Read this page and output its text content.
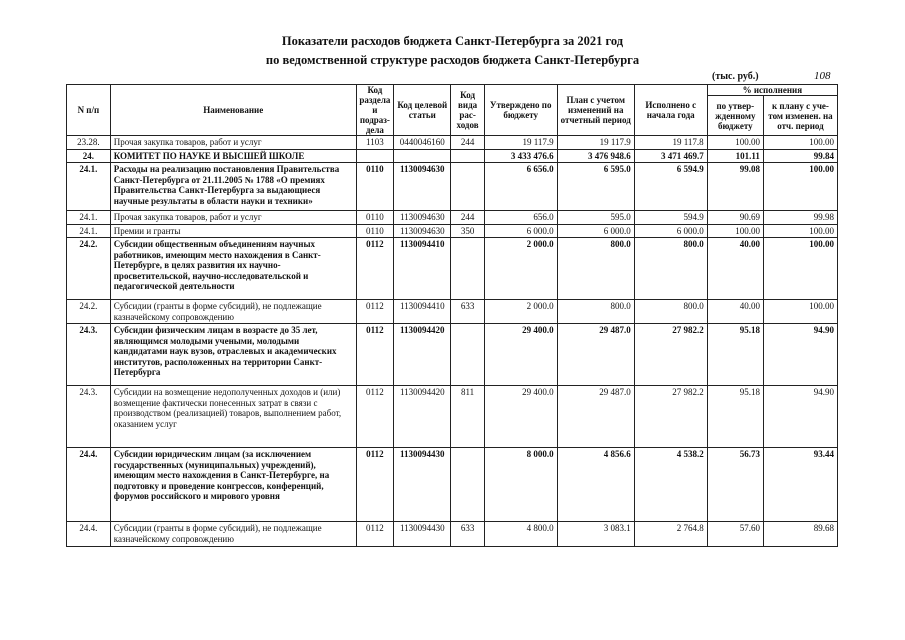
Показатели расходов бюджета Санкт-Петербурга за 2021 год
по ведомственной структуре расходов бюджета Санкт-Петербурга
(тыс. руб.)	108
N п/п	Наименование	Код раздела и подраз-дела	Код целевой статьи	Код вида рас-ходов	Утверждено по бюджету	План с учетом изменений на отчетный период	Исполнено с начала года	% исполнения	
								по утвер-жденному бюджету	к плану с уче-том изменен. на отч. период
23.28.	Прочая закупка товаров, работ и услуг	1103	0440046160	244	19 117.9	19 117.9	19 117.8	100.00	100.00
24.	КОМИТЕТ ПО НАУКЕ И ВЫСШЕЙ ШКОЛЕ				3 433 476.6	3 476 948.6	3 471 469.7	101.11	99.84
24.1.	Расходы на реализацию постановления Правительства Санкт-Петербурга от 21.11.2005 № 1788 «О премиях Правительства Санкт-Петербурга за выдающиеся научные результаты в области науки и техники»	0110	1130094630		6 656.0	6 595.0	6 594.9	99.08	100.00
24.1.	Прочая закупка товаров, работ и услуг	0110	1130094630	244	656.0	595.0	594.9	90.69	99.98
24.1.	Премии и гранты	0110	1130094630	350	6 000.0	6 000.0	6 000.0	100.00	100.00
24.2.	Субсидии общественным объединениям научных работников, имеющим место нахождения в Санкт-Петербурге, в целях развития их научно-просветительской, научно-исследовательской и педагогической деятельности	0112	1130094410		2 000.0	800.0	800.0	40.00	100.00
24.2.	Субсидии (гранты в форме субсидий), не подлежащие казначейскому сопровождению	0112	1130094410	633	2 000.0	800.0	800.0	40.00	100.00
24.3.	Субсидии физическим лицам в возрасте до 35 лет, являющимся молодыми учеными, молодыми кандидатами наук вузов, отраслевых и академических институтов, расположенных на территории Санкт-Петербурга	0112	1130094420		29 400.0	29 487.0	27 982.2	95.18	94.90
24.3.	Субсидии на возмещение недополученных доходов и (или) возмещение фактически понесенных затрат в связи с производством (реализацией) товаров, выполнением работ, оказанием услуг	0112	1130094420	811	29 400.0	29 487.0	27 982.2	95.18	94.90
24.4.	Субсидии юридическим лицам (за исключением государственных (муниципальных) учреждений), имеющим место нахождения в Санкт-Петербурге, на подготовку и проведение конгрессов, конференций, форумов российского и мирового уровня	0112	1130094430		8 000.0	4 856.6	4 538.2	56.73	93.44
24.4.	Субсидии (гранты в форме субсидий), не подлежащие казначейскому сопровождению	0112	1130094430	633	4 800.0	3 083.1	2 764.8	57.60	89.68
